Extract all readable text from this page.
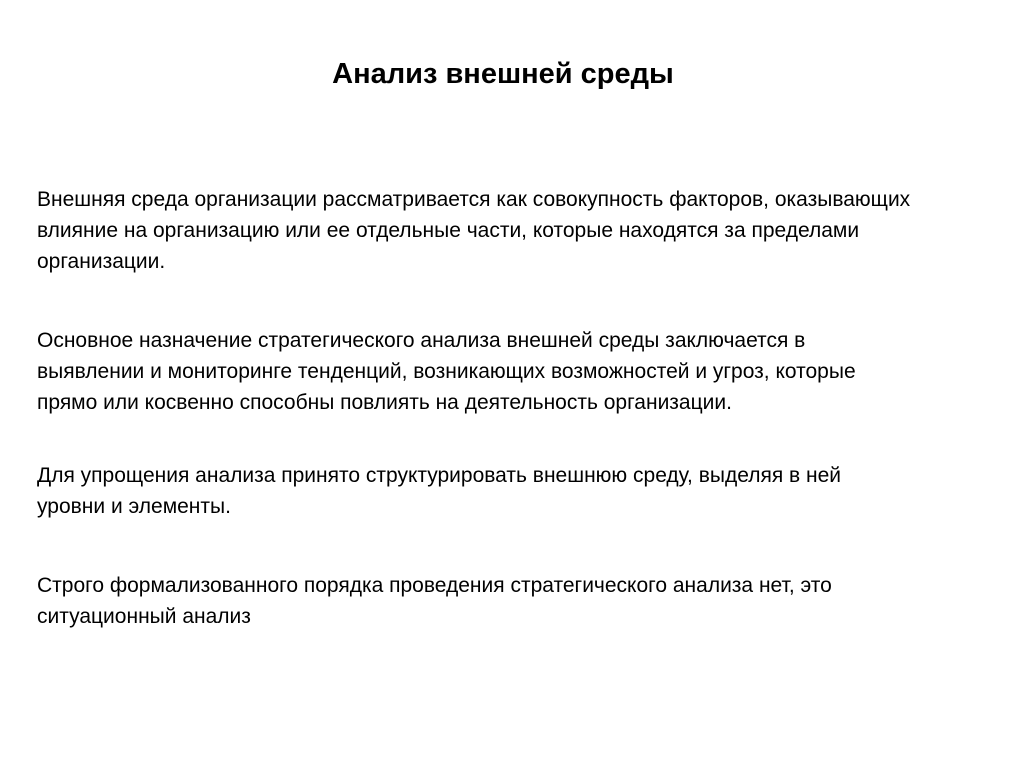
Анализ внешней среды

Внешняя среда организации рассматривается как совокупность факторов, оказывающих
влияние на организацию или ее отдельные части, которые находятся за пределами
организации.

Основное назначение стратегического анализа внешней среды заключается в
выявлении и мониторинге тенденций, возникающих возможностей и угроз, которые
прямо или косвенно способны повлиять на деятельность организации.

Для упрощения анализа принято структурировать внешнюю среду, выделяя в ней
уровни и элементы.

Строго формализованного порядка проведения стратегического анализа нет, это
ситуационный анализ
